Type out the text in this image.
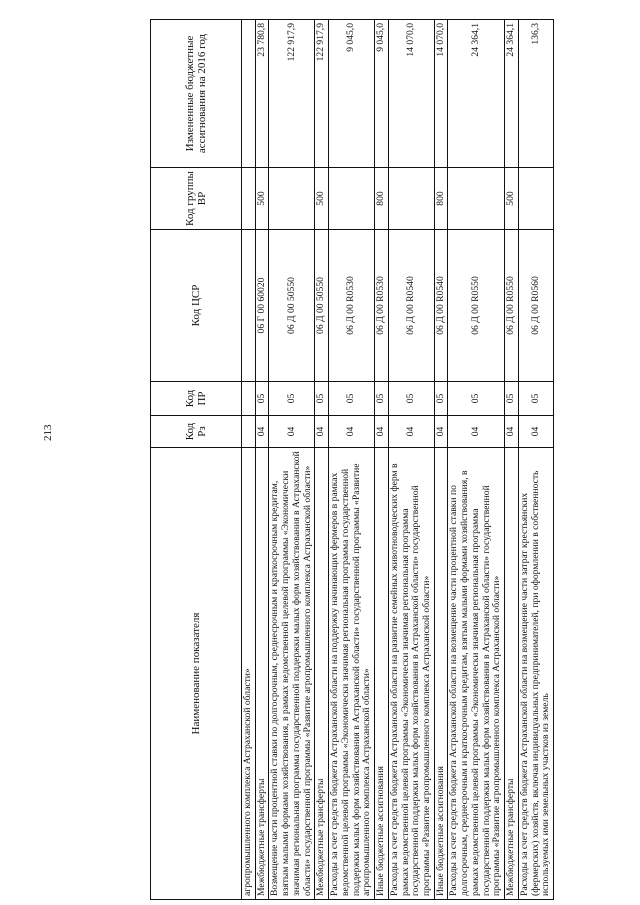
213
Наименование показателя	Код Рз	Код ПР	Код ЦСР	Код группы ВР	Измененные бюджетные ассигнования на 2016 год
агропромышленного комплекса Астраханской области»					
Межбюджетные трансферты	04	05	06 Г 00 60020	500	23 780,8
Возмещение части процентной ставки по долгосрочным, среднесрочным и краткосрочным кредитам, взятым малыми формами хозяйствования, в рамках ведомственной целевой программы «Экономически значимая региональная программа государственной поддержки малых форм хозяйствования в Астраханской области» государственной программы «Развитие агропромышленного комплекса Астраханской области»	04	05	06 Д 00 50550		122 917,9
Межбюджетные трансферты	04	05	06 Д 00 50550	500	122 917,9
Расходы за счет средств бюджета Астраханской области на поддержку начинающих фермеров в рамках ведомственной целевой программы «Экономически значимая региональная программа государственной поддержки малых форм хозяйствования в Астраханской области» государственной программы «Развитие агропромышленного комплекса Астраханской области»	04	05	06 Д 00 R0530		9 045,0
Иные бюджетные ассигнования	04	05	06 Д 00 R0530	800	9 045,0
Расходы за счет средств бюджета Астраханской области на развитие семейных животноводческих ферм в рамках ведомственной целевой программы «Экономически значимая региональная программа государственной поддержки малых форм хозяйствования в Астраханской области» государственной программы «Развитие агропромышленного комплекса Астраханской области»	04	05	06 Д 00 R0540		14 070,0
Иные бюджетные ассигнования	04	05	06 Д 00 R0540	800	14 070,0
Расходы за счет средств бюджета Астраханской области на возмещение части процентной ставки по долгосрочным, среднесрочным и краткосрочным кредитам, взятым малыми формами хозяйствования, в рамках ведомственной целевой программы «Экономически значимая региональная программа государственной поддержки малых форм хозяйствования в Астраханской области» государственной программы «Развитие агропромышленного комплекса Астраханской области»	04	05	06 Д 00 R0550		24 364,1
Межбюджетные трансферты	04	05	06 Д 00 R0550	500	24 364,1
Расходы за счет средств бюджета Астраханской области на возмещение части затрат крестьянских (фермерских) хозяйств, включая индивидуальных предпринимателей, при оформлении в собственность используемых ими земельных участков из земель	04	05	06 Д 00 R0560		136,3
